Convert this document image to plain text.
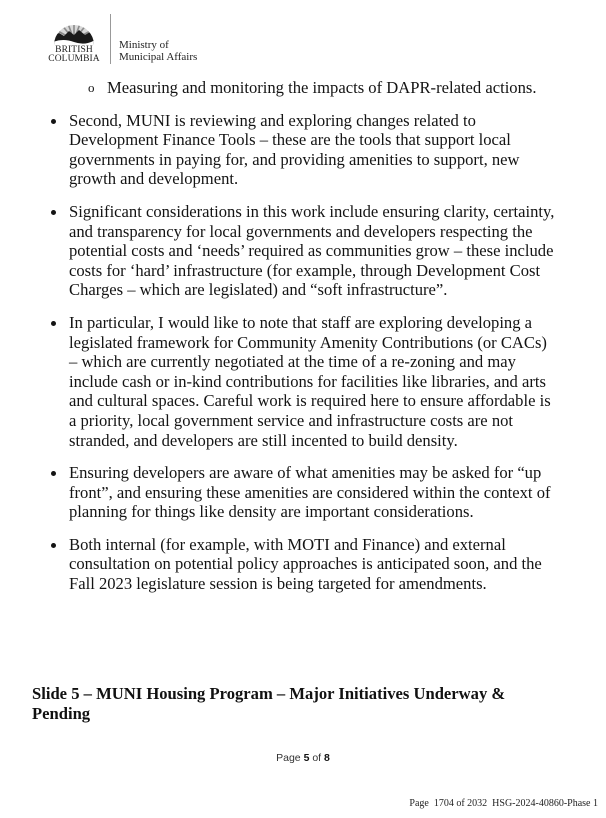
BRITISH
COLUMBIA
Ministry of
Municipal Affairs
o Measuring and monitoring the impacts of DAPR-related actions.
Second, MUNI is reviewing and exploring changes related to Development Finance Tools – these are the tools that support local governments in paying for, and providing amenities to support, new growth and development.
Significant considerations in this work include ensuring clarity, certainty, and transparency for local governments and developers respecting the potential costs and ‘needs’ required as communities grow – these include costs for ‘hard’ infrastructure (for example, through Development Cost Charges – which are legislated) and “soft infrastructure”.
In particular, I would like to note that staff are exploring developing a legislated framework for Community Amenity Contributions (or CACs) – which are currently negotiated at the time of a re-zoning and may include cash or in-kind contributions for facilities like libraries, and arts and cultural spaces. Careful work is required here to ensure affordable is a priority, local government service and infrastructure costs are not stranded, and developers are still incented to build density.
Ensuring developers are aware of what amenities may be asked for “up front”, and ensuring these amenities are considered within the context of planning for things like density are important considerations.
Both internal (for example, with MOTI and Finance) and external consultation on potential policy approaches is anticipated soon, and the Fall 2023 legislature session is being targeted for amendments.
Slide 5 – MUNI Housing Program – Major Initiatives Underway & Pending
Page 5 of 8
Page  1704 of 2032  HSG-2024-40860-Phase 1
